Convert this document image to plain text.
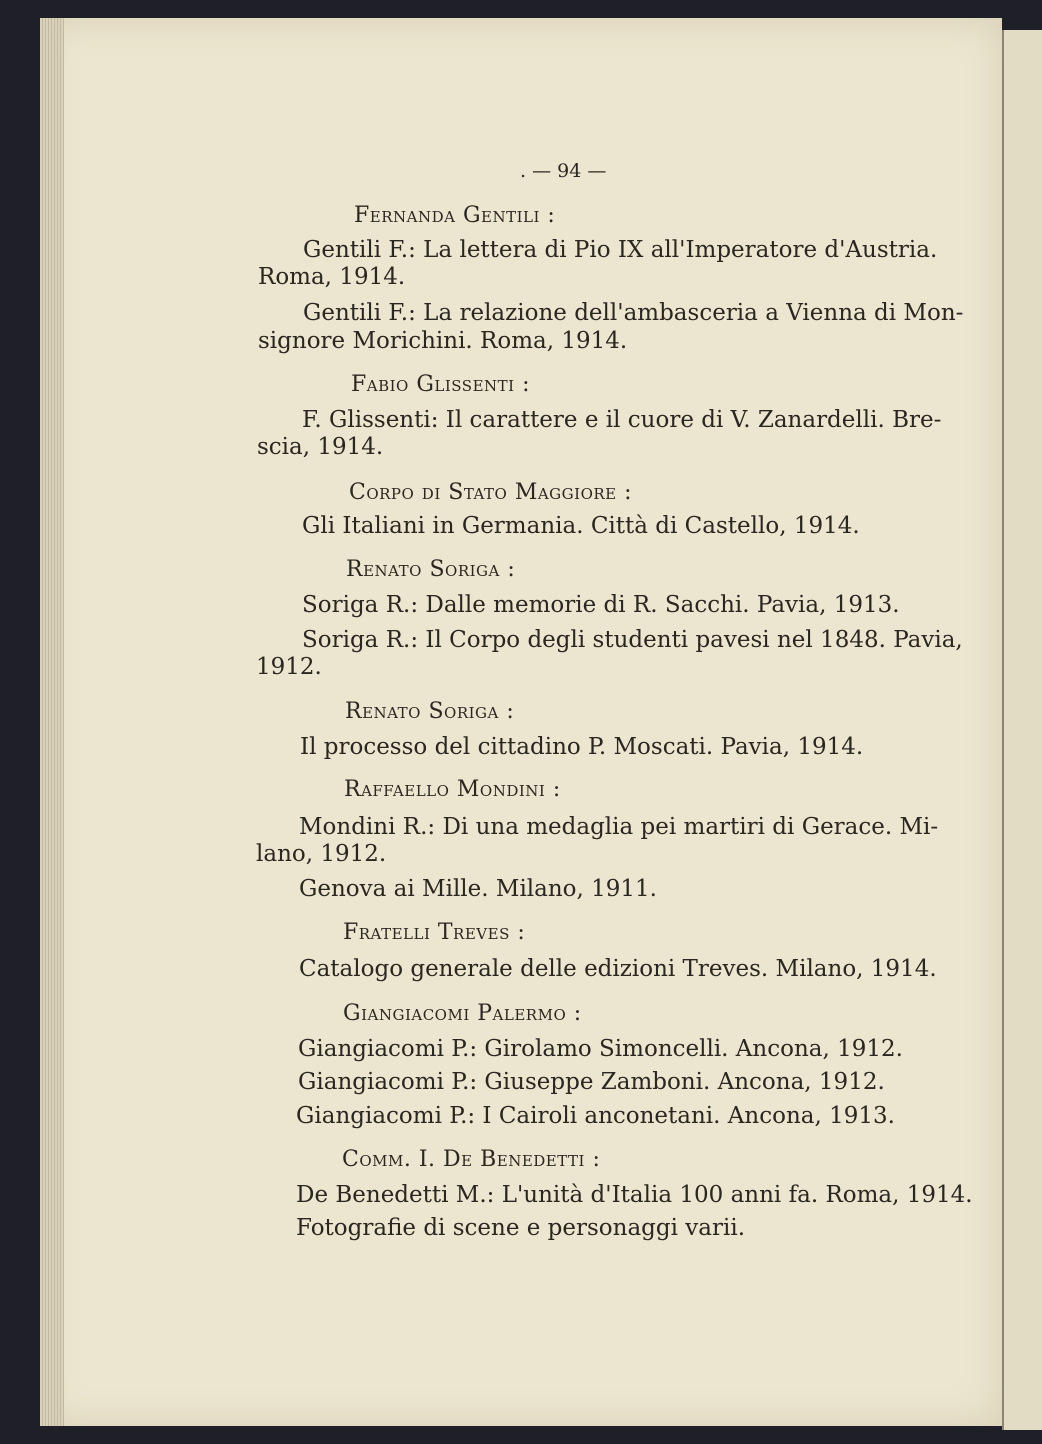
. — 94 —
Fernanda Gentili :
Gentili F.: La lettera di Pio IX all'Imperatore d'Austria.
Roma, 1914.
Gentili F.: La relazione dell'ambasceria a Vienna di Mon-
signore Morichini. Roma, 1914.
Fabio Glissenti :
F. Glissenti: Il carattere e il cuore di V. Zanardelli. Bre-
scia, 1914.
Corpo di Stato Maggiore :
Gli Italiani in Germania. Città di Castello, 1914.
Renato Soriga :
Soriga R.: Dalle memorie di R. Sacchi. Pavia, 1913.
Soriga R.: Il Corpo degli studenti pavesi nel 1848. Pavia,
1912.
Renato Soriga :
Il processo del cittadino P. Moscati. Pavia, 1914.
Raffaello Mondini :
Mondini R.: Di una medaglia pei martiri di Gerace. Mi-
lano, 1912.
Genova ai Mille. Milano, 1911.
Fratelli Treves :
Catalogo generale delle edizioni Treves. Milano, 1914.
Giangiacomi Palermo :
Giangiacomi P.: Girolamo Simoncelli. Ancona, 1912.
Giangiacomi P.: Giuseppe Zamboni. Ancona, 1912.
Giangiacomi P.: I Cairoli anconetani. Ancona, 1913.
Comm. I. De Benedetti :
De Benedetti M.: L'unità d'Italia 100 anni fa. Roma, 1914.
Fotografie di scene e personaggi varii.
